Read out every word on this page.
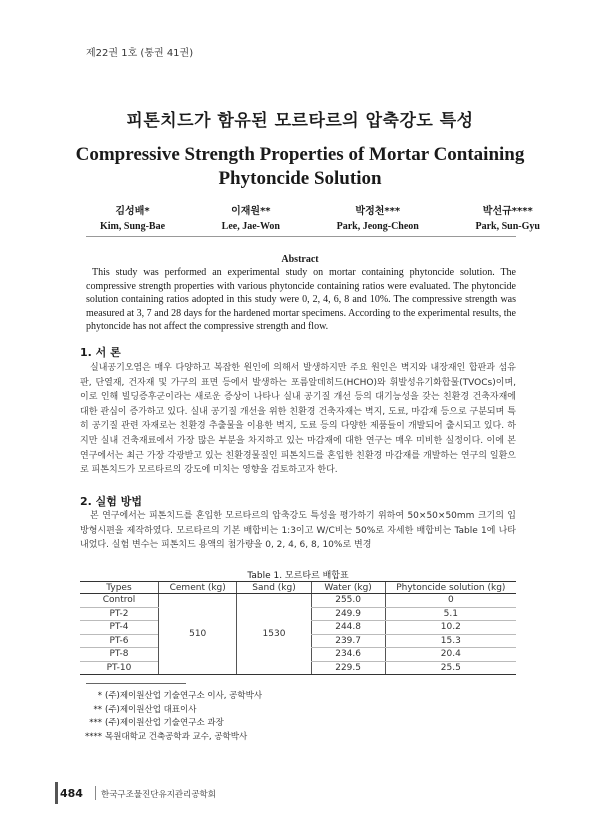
제22권 1호 (통권 41권)
피톤치드가 함유된 모르타르의 압축강도 특성
Compressive Strength Properties of Mortar Containing
Phytoncide Solution
김성배*
Kim, Sung-Bae
이재원**
Lee, Jae-Won
박정천***
Park, Jeong-Cheon
박선규****
Park, Sun-Gyu
Abstract
This study was performed an experimental study on mortar containing phytoncide solution. The compressive strength properties with various phytoncide containing ratios were evaluated. The phytoncide solution containing ratios adopted in this study were 0, 2, 4, 6, 8 and 10%. The compressive strength was measured at 3, 7 and 28 days for the hardened mortar specimens. According to the experimental results, the phytoncide has not affect the compressive strength and flow.
1. 서 론

실내공기오염은 매우 다양하고 복잡한 원인에 의해서 발생하지만 주요 원인은 벽지와 내장재인 합판과 섬유판, 단열재, 건자재 및 가구의 표면 등에서 발생하는 포름알데히드(HCHO)와 휘발성유기화합물(TVOCs)이며, 이로 인해 빌딩증후군이라는 새로운 증상이 나타나 실내 공기질 개선 등의 대기능성을 갖는 친환경 건축자재에 대한 관심이 증가하고 있다. 실내 공기질 개선을 위한 친환경 건축자재는 벽지, 도료, 마감재 등으로 구분되며 특히 공기질 관련 자재로는 친환경 추출물을 이용한 벽지, 도료 등의 다양한 제품들이 개발되어 출시되고 있다. 하지만 실내 건축재료에서 가장 많은 부분을 차지하고 있는 마감재에 대한 연구는 매우 미비한 실정이다. 이에 본 연구에서는 최근 가장 각광받고 있는 친환경물질인 피톤치드를 혼입한 친환경 마감재를 개발하는 연구의 일환으로 피톤치드가 모르타르의 강도에 미치는 영향을 검토하고자 한다.

2. 실험 방법

본 연구에서는 피톤치드를 혼입한 모르타르의 압축강도 특성을 평가하기 위하여 50×50×50mm 크기의 입방형시편을 제작하였다. 모르타르의 기본 배합비는 1:3이고 W/C비는 50%로 자세한 배합비는 Table 1에 나타내었다. 실험 변수는 피톤치드 용액의 첨가량을 0, 2, 4, 6, 8, 10%로 변경

Table 1. 모르타르 배합표
Types	Cement (kg)	Sand (kg)	Water (kg)	Phytoncide solution (kg)
Control	510	1530	255.0	0
PT-2			249.9	5.1
PT-4			244.8	10.2
PT-6			239.7	15.3
PT-8			234.6	20.4
PT-10			229.5	25.5
* (주)제이원산업 기술연구소 이사, 공학박사
** (주)제이원산업 대표이사
*** (주)제이원산업 기술연구소 과장
**** 목원대학교 건축공학과 교수, 공학박사
484 한국구조물진단유지관리공학회
